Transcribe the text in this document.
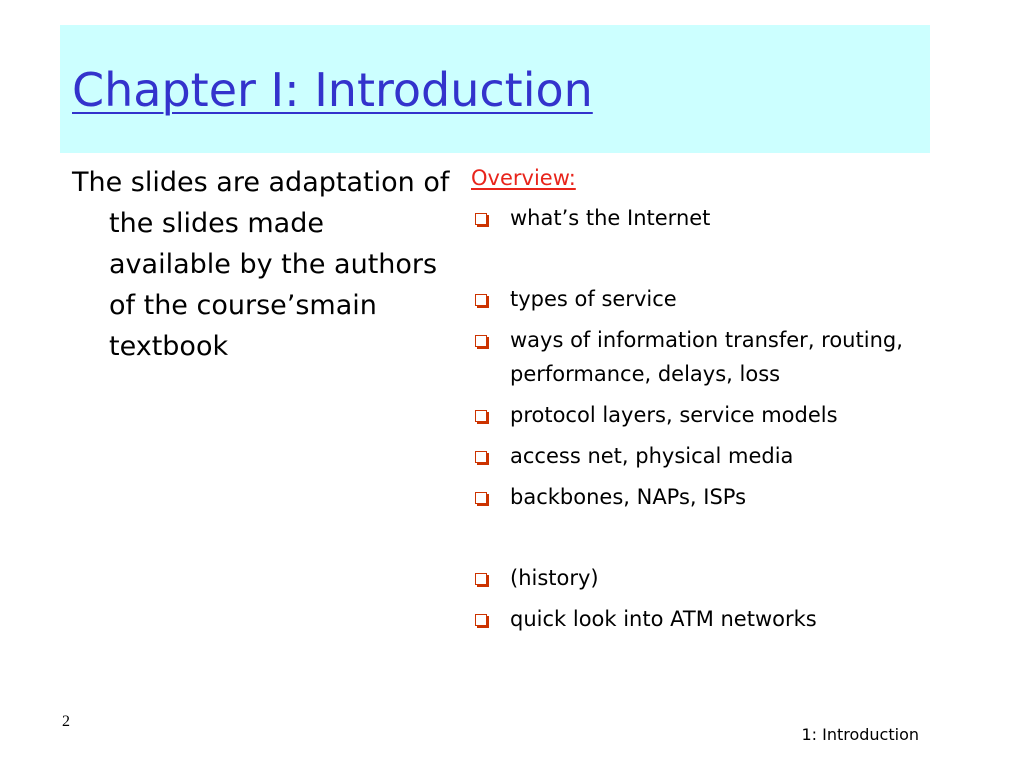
Chapter I: Introduction

The slides are adaptation of the slides made available by the authors of the course’smain textbook

Overview:
what’s the Internet
types of service
ways of information transfer, routing, performance, delays, loss
protocol layers, service models
access net, physical media
backbones, NAPs, ISPs
(history)
quick look into ATM networks
2
1: Introduction
